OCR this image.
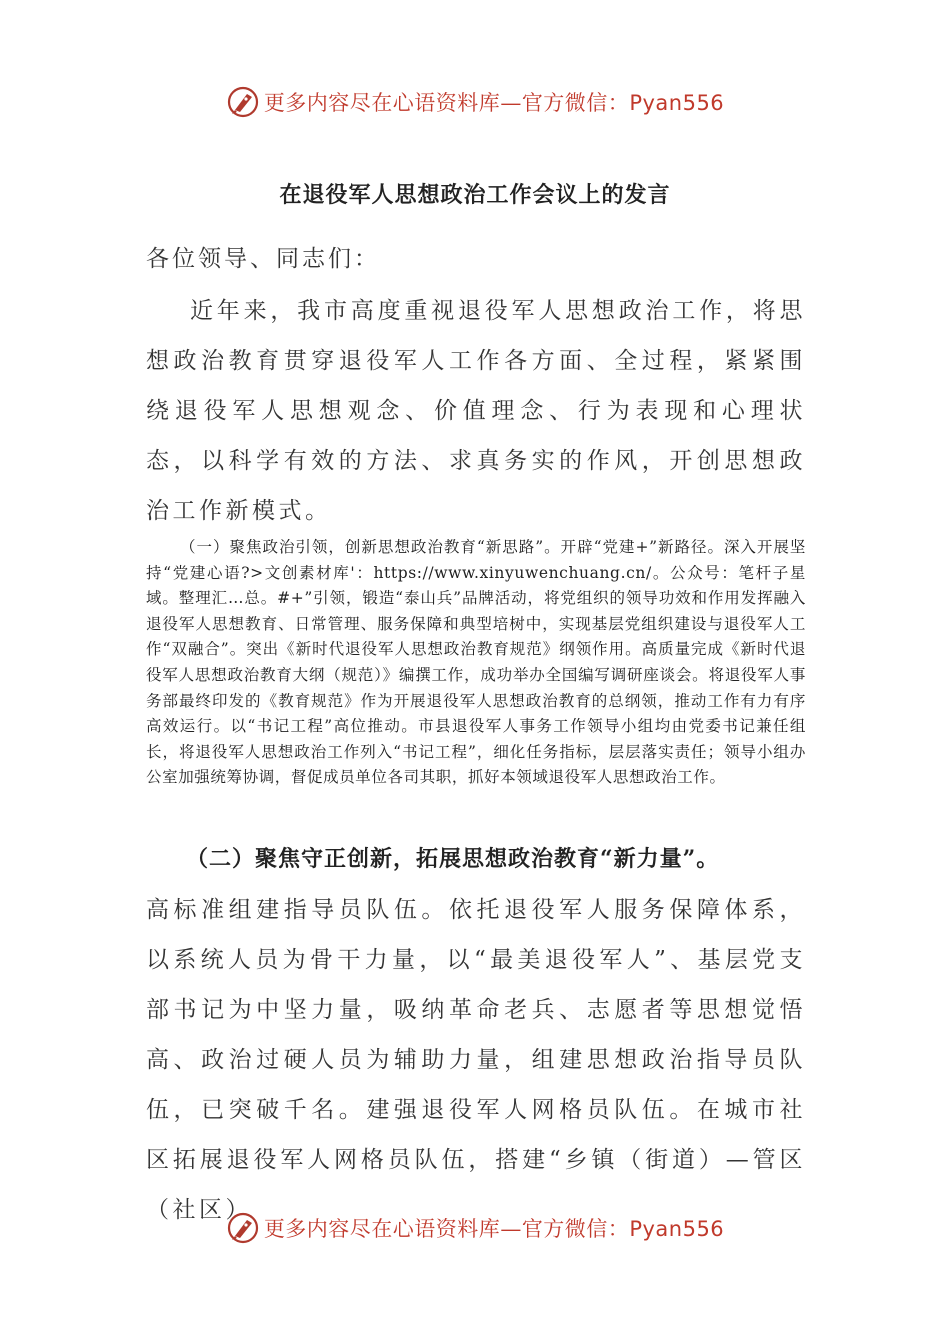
更多内容尽在心语资料库—官方微信：Pyan556
在退役军人思想政治工作会议上的发言
各位领导、同志们：
近年来，我市高度重视退役军人思想政治工作，将思想政治教育贯穿退役军人工作各方面、全过程，紧紧围绕退役军人思想观念、价值理念、行为表现和心理状态，以科学有效的方法、求真务实的作风，开创思想政治工作新模式。
（一）聚焦政治引领，创新思想政治教育“新思路”。开辟“党建+”新路径。深入开展坚持“党建心语?>文创素材库'：https://www.xinyuwenchuang.cn/。公众号：笔杆子星域。整理汇…总。#+”引领，锻造“泰山兵”品牌活动，将党组织的领导功效和作用发挥融入退役军人思想教育、日常管理、服务保障和典型培树中，实现基层党组织建设与退役军人工作“双融合”。突出《新时代退役军人思想政治教育规范》纲领作用。高质量完成《新时代退役军人思想政治教育大纲（规范）》编撰工作，成功举办全国编写调研座谈会。将退役军人事务部最终印发的《教育规范》作为开展退役军人思想政治教育的总纲领，推动工作有力有序高效运行。以“书记工程”高位推动。市县退役军人事务工作领导小组均由党委书记兼任组长，将退役军人思想政治工作列入“书记工程”，细化任务指标，层层落实责任；领导小组办公室加强统筹协调，督促成员单位各司其职，抓好本领域退役军人思想政治工作。
（二）聚焦守正创新，拓展思想政治教育“新力量”。
高标准组建指导员队伍。依托退役军人服务保障体系，以系统人员为骨干力量，以“最美退役军人”、基层党支部书记为中坚力量，吸纳革命老兵、志愿者等思想觉悟高、政治过硬人员为辅助力量，组建思想政治指导员队伍，已突破千名。建强退役军人网格员队伍。在城市社区拓展退役军人网格员队伍，搭建“乡镇（街道）—管区（社区）
更多内容尽在心语资料库—官方微信：Pyan556
